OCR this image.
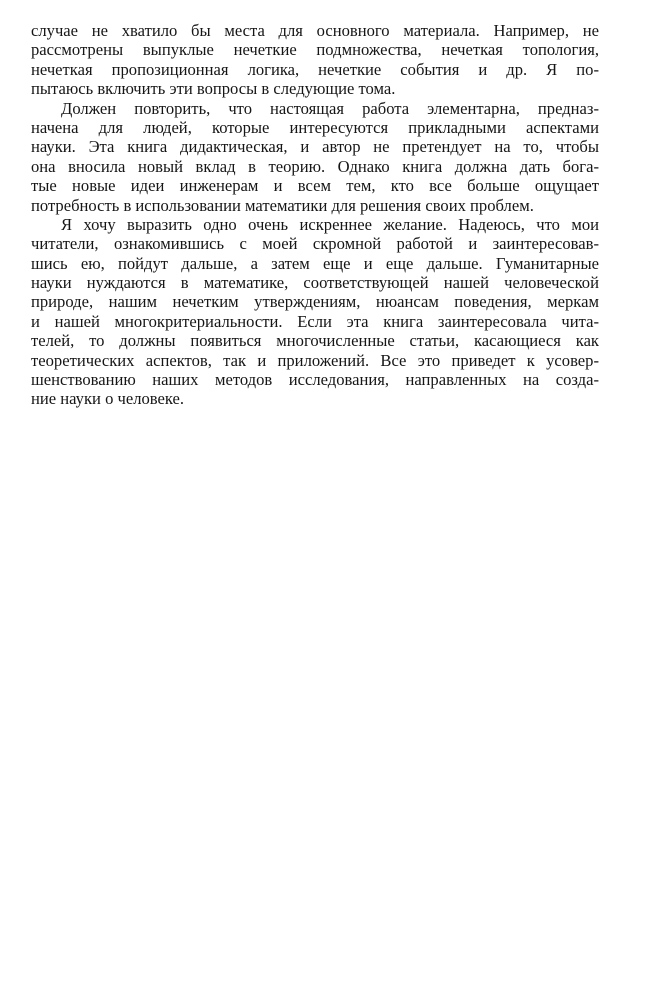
случае не хватило бы места для основного материала. Например, не
рассмотрены выпуклые нечеткие подмножества, нечеткая топология,
нечеткая пропозиционная логика, нечеткие события и др. Я по-
пытаюсь включить эти вопросы в следующие тома.
Должен повторить, что настоящая работа элементарна, предназ-
начена для людей, которые интересуются прикладными аспектами
науки. Эта книга дидактическая, и автор не претендует на то, чтобы
она вносила новый вклад в теорию. Однако книга должна дать бога-
тые новые идеи инженерам и всем тем, кто все больше ощущает
потребность в использовании математики для решения своих проблем.
Я хочу выразить одно очень искреннее желание. Надеюсь, что мои
читатели, ознакомившись с моей скромной работой и заинтересовав-
шись ею, пойдут дальше, а затем еще и еще дальше. Гуманитарные
науки нуждаются в математике, соответствующей нашей человеческой
природе, нашим нечетким утверждениям, нюансам поведения, меркам
и нашей многокритериальности. Если эта книга заинтересовала чита-
телей, то должны появиться многочисленные статьи, касающиеся как
теоретических аспектов, так и приложений. Все это приведет к усовер-
шенствованию наших методов исследования, направленных на созда-
ние науки о человеке.
